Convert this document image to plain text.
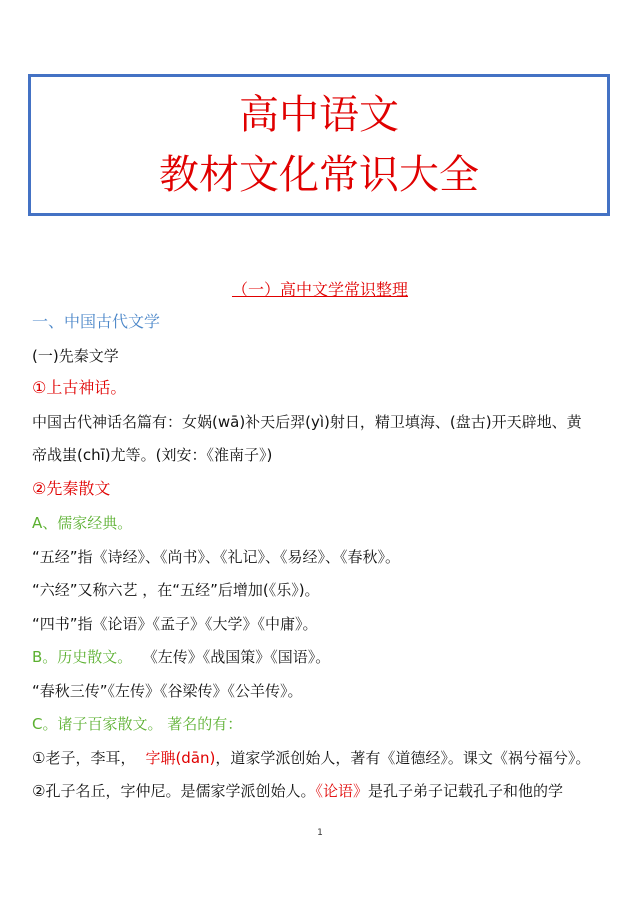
高中语文
教材文化常识大全
（一）高中文学常识整理
一、中国古代文学
(一)先秦文学
①上古神话。
中国古代神话名篇有：女娲(wā)补天后羿(yì)射日，精卫填海、(盘古)开天辟地、黄
帝战蚩(chī)尤等。(刘安：《淮南子》)
②先秦散文
A、儒家经典。
“五经”指《诗经》、《尚书》、《礼记》、《易经》、《春秋》。
“六经”又称六艺 ，在“五经”后增加(《乐》)。
“四书”指《论语》《孟子》《大学》《中庸》。
B。历史散文。 《左传》《战国策》《国语》。
“春秋三传”《左传》《谷梁传》《公羊传》。
C。诸子百家散文。 著名的有：
①老子，李耳， 字聃(dān)，道家学派创始人，著有《道德经》。课文《祸兮福兮》。
②孔子名丘，字仲尼。是儒家学派创始人。《论语》是孔子弟子记载孔子和他的学
1
